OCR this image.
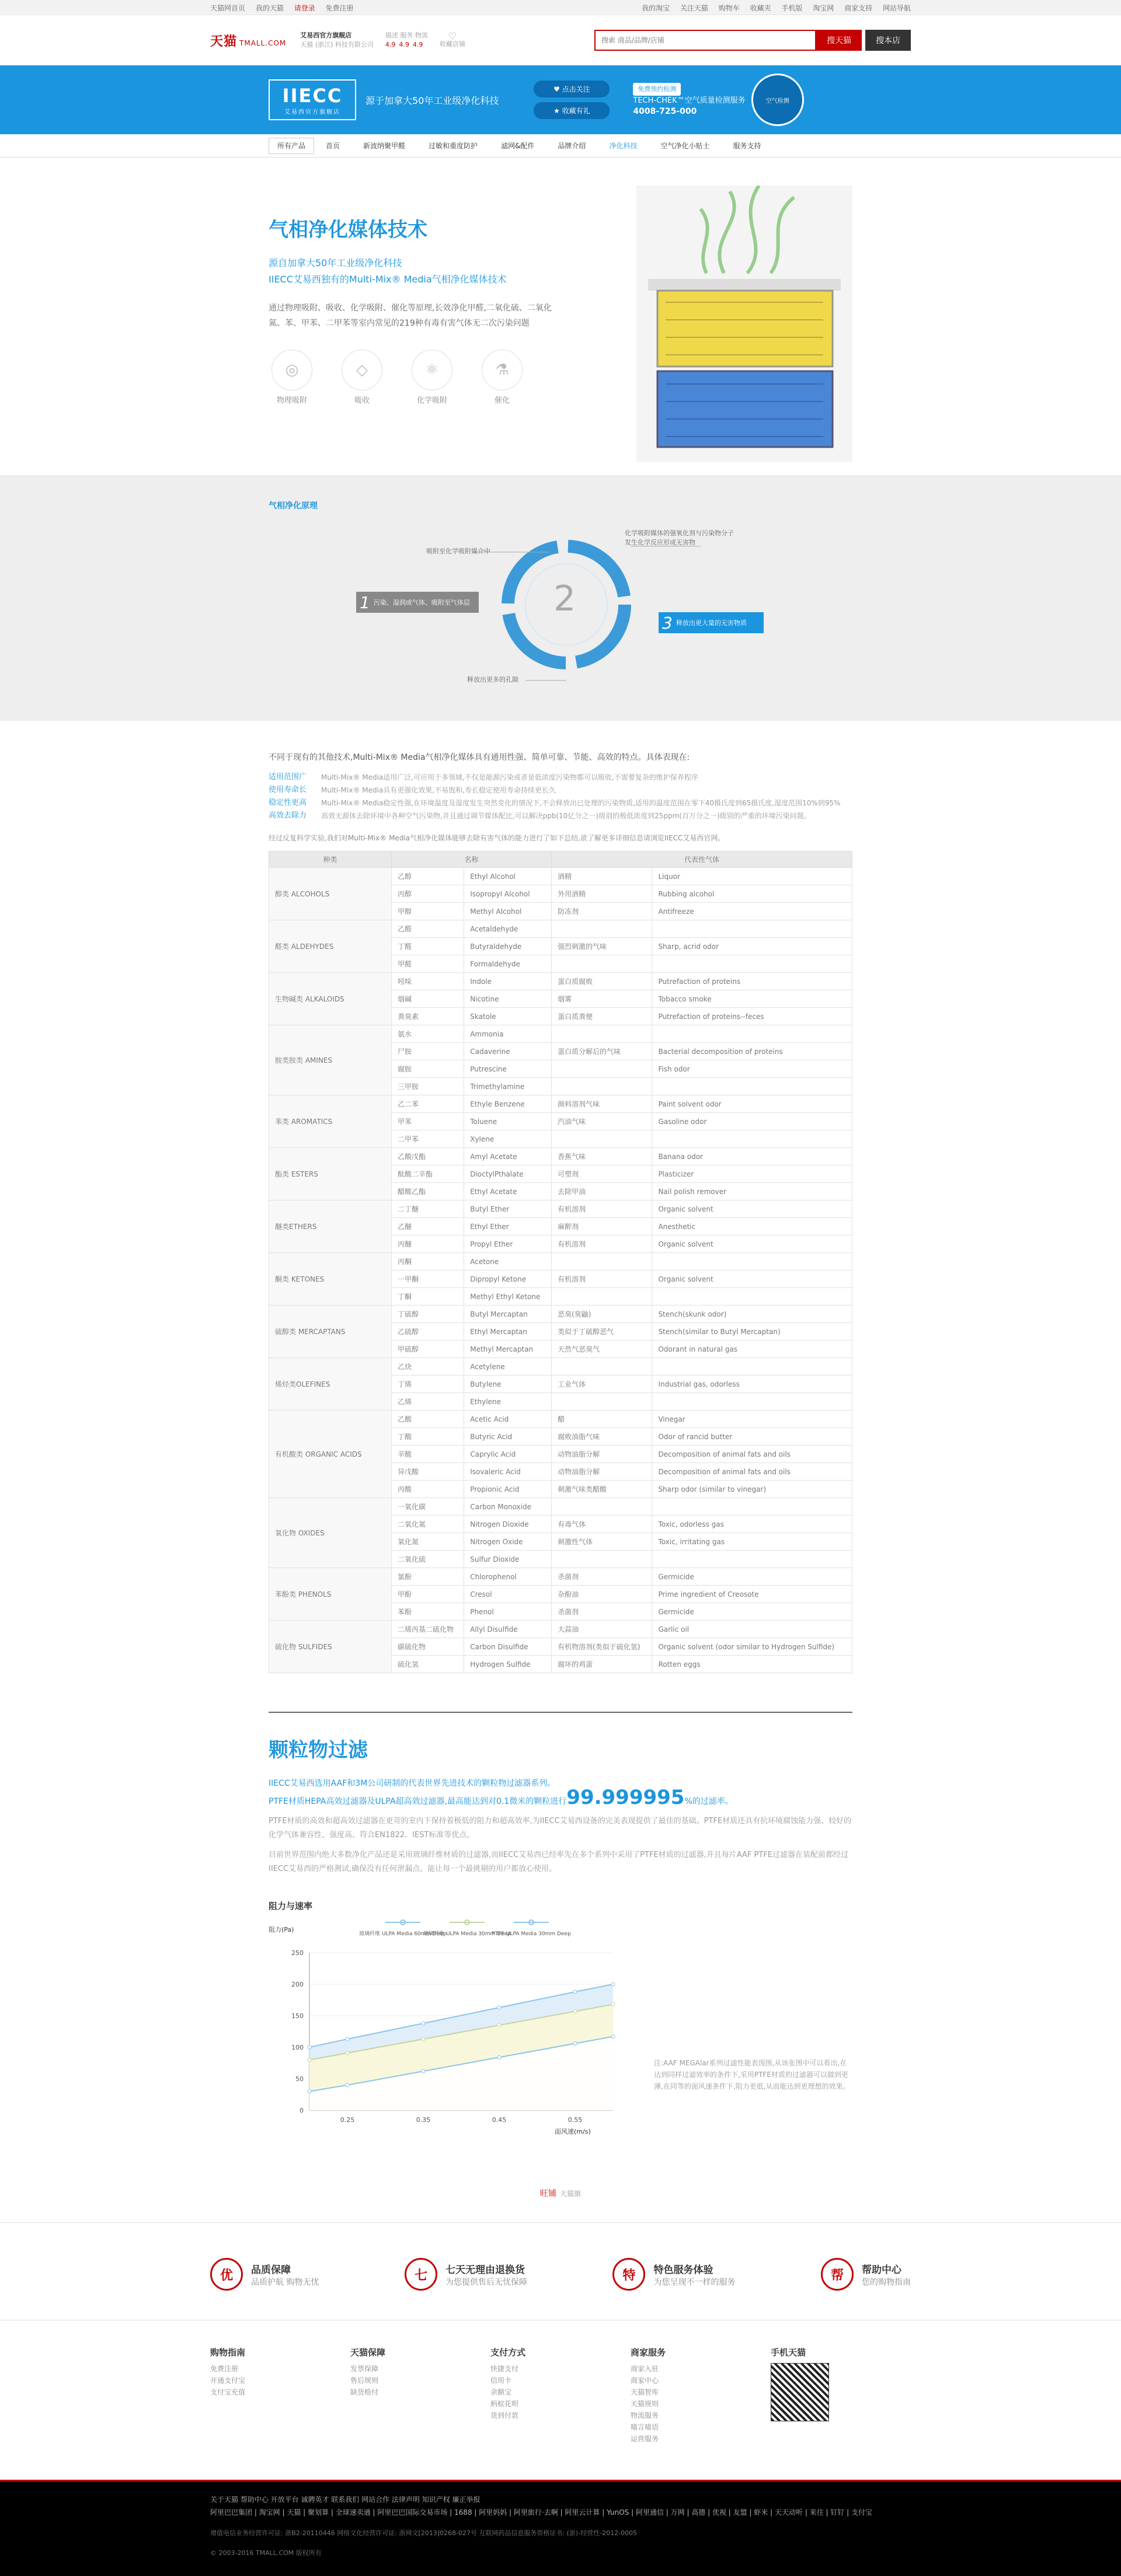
天猫网首页 我的天猫 请登录 免费注册	我的淘宝 关注天猫 购物车 收藏夹 手机版 淘宝网 商家支持 网站导航
天猫 TMALL.COM
艾易西官方旗舰店
天猫 (浙江) 科技有限公司
描述 服务 物流
4.9 4.9 4.9
♡
收藏店铺
搜索 商品/品牌/店铺	搜天猫	搜本店
IIECC
艾易西官方旗舰店
源于加拿大50年工业级净化科技
♥ 点击关注
★ 收藏有礼
免费预约检测
TECH-CHEK™空气质量检测服务
4008-725-000
空气检测
所有产品	首页	新波纳聚甲醛	过敏和重度防护	滤网&配件	品牌介绍	净化科技	空气净化小贴士	服务支持
气相净化媒体技术
源自加拿大50年工业级净化科技
IIECC艾易西独有的Multi-Mix® Media气相净化媒体技术

通过物理吸附、吸收、化学吸附、催化等原理,长效净化甲醛,二氧化硫、二氧化氮、苯、甲苯、二甲苯等室内常见的219种有毒有害气体无二次污染问题

◎
物理吸附
◇
吸收
⚛
化学吸附
⚗
催化
气相净化原理
吸附至化学吸附媒介中
化学吸附媒体的强氧化剂与污染物分子发生化学反应形成无害物
释放出更多的孔隙
2
1 污染、湿润或气体、吸附至气体层
3 释放出更大量的无害物质

不同于现有的其他技术,Multi-Mix® Media气相净化媒体具有通用性强、简单可靠、节能、高效的特点。具体表现在:

适用范围广	Multi-Mix® Media适用广泛,可应用于多领域,不仅是能源污染或者是低浓度污染物都可以吸收,不需要复杂的维护保养程序
使用寿命长	Multi-Mix® Media具有更强化效果,不易饱和,寿长稳定使用寿命持续更长久
稳定性更高	Multi-Mix® Media稳定性强,在环境温度及湿度发生突然变化的情况下,不会释放出已处理的污染物质,适用的温度范围在零下40摄氏度到65摄氏度,湿度范围10%到95%
高效去除力	高效无源体去除环境中各种空气污染物,并且通过调节媒体配比,可以解决ppb(10亿分之一)级别的极低浓度到25ppm(百万分之一)级别的严重的环境污染问题。
经过反复科学实验,我们对Multi-Mix® Media气相净化媒体能够去除有害气体的能力进行了如下总结,欲了解更多详细信息请浏览IIECC艾易西官网。
种类	名称		代表性气体	
醇类 ALCOHOLS	乙醇	Ethyl Alcohol	酒精	Liquor
	丙醇	Isopropyl Alcohol	外用酒精	Rubbing alcohol
	甲醇	Methyl Alcohol	防冻剂	Antifreeze
醛类 ALDEHYDES	乙醛	Acetaldehyde		
	丁醛	Butyraldehyde	强烈刺激的气味	Sharp, acrid odor
	甲醛	Formaldehyde		
生物碱类 ALKALOIDS	吲哚	Indole	蛋白质腐败	Putrefaction of proteins
	烟碱	Nicotine	烟雾	Tobacco smoke
	粪臭素	Skatole	蛋白质粪便	Putrefaction of proteins--feces
胺类胺类 AMINES	氨水	Ammonia		
	尸胺	Cadaverine	蛋白质分解后的气味	Bacterial decomposition of proteins
	腐胺	Putrescine		Fish odor
	三甲胺	Trimethylamine		
苯类 AROMATICS	乙二苯	Ethyle Benzene	颜料溶剂气味	Paint solvent odor
	甲苯	Toluene	汽油气味	Gasoline odor
	二甲苯	Xylene		
酯类 ESTERS	乙酸戊酯	Amyl Acetate	香蕉气味	Banana odor
	酞酸二辛酯	DioctylPthalate	可塑剂	Plasticizer
	醋酸乙酯	Ethyl Acetate	去除甲油	Nail polish remover
醚类ETHERS	二丁醚	Butyl Ether	有机溶剂	Organic solvent
	乙醚	Ethyl Ether	麻醉剂	Anesthetic
	丙醚	Propyl Ether	有机溶剂	Organic solvent
酮类 KETONES	丙酮	Acetone		
	一甲酮	Dipropyl Ketone	有机溶剂	Organic solvent
	丁酮	Methyl Ethyl Ketone		
硫醇类 MERCAPTANS	丁硫醇	Butyl Mercaptan	恶臭(臭鼬)	Stench(skunk odor)
	乙硫醇	Ethyl Mercaptan	类似于丁硫醇恶气	Stench(similar to Butyl Mercaptan)
	甲硫醇	Methyl Mercaptan	天然气恶臭气	Odorant in natural gas
烯烃类OLEFINES	乙炔	Acetylene		
	丁烯	Butylene	工业气体	Industrial gas, odorless
	乙烯	Ethylene		
有机酸类 ORGANIC ACIDS	乙酸	Acetic Acid	醋	Vinegar
	丁酸	Butyric Acid	腐败油脂气味	Odor of rancid butter
	辛酸	Caprylic Acid	动物油脂分解	Decomposition of animal fats and oils
	异戊酸	Isovaleric Acid	动物油脂分解	Decomposition of animal fats and oils
	丙酸	Propionic Acid	刺激气味类醋酸	Sharp odor (similar to vinegar)
氧化物 OXIDES	一氧化碳	Carbon Monoxide		
	二氧化氮	Nitrogen Dioxide	有毒气体	Toxic, odorless gas
	氧化氮	Nitrogen Oxide	刺激性气体	Toxic, irritating gas
	二氧化硫	Sulfur Dioxide		
苯酚类 PHENOLS	氯酚	Chlorophenol	杀菌剂	Germicide
	甲酚	Cresol	杂酚油	Prime ingredient of Creosote
	苯酚	Phenol	杀菌剂	Germicide
硫化物 SULFIDES	二烯丙基二硫化物	Allyl Disulfide	大蒜油	Garlic oil
	碳硫化物	Carbon Disulfide	有机物溶剂(类似于硫化氢)	Organic solvent (odor similar to Hydrogen Sulfide)
	硫化氢	Hydrogen Sulfide	腐坏的鸡蛋	Rotten eggs
颗粒物过滤
IIECC艾易西选用AAF和3M公司研制的代表世界先进技术的颗粒物过滤器系列。
PTFE材质HEPA高效过滤器及ULPA超高效过滤器,最高能达到对0.1微米的颗粒进行99.999995%的过滤率。

PTFE材质的高效和超高效过滤器在更苛的室内下保持着极低的阻力和超高效率,为IIECC艾易西设备的完美表现提供了最佳的基础。PTFE材质还具有抗环境腐蚀能力强、较好的化学气体兼容性、强度高、符合EN1822、IEST标准等优点。

目前世界范围内绝大多数净化产品还是采用玻璃纤维材质的过滤器,而IIECC艾易西已经率先在多个系列中采用了PTFE材质的过滤器,并且每片AAF PTFE过滤器在装配前都经过IIECC艾易西的严格测试,确保没有任何泄漏点。能让每一个最挑剔的用户都放心使用。

阻力与速率
0
50
100
150
200
250
0.25	0.35	0.45	0.55
阻力(Pa)
面风速(m/s)
玻璃纤维 ULPA Media 60mm Deep
玻璃纤维 ULPA Media 30mm Deep
PTFE ULPA Media 30mm Deep
注:AAF MEGAlar系列过滤性能表现图,从该张图中可以看出,在达到同样过滤效率的条件下,采用PTFE材质的过滤器可以做到更薄,在同等的面风速条件下,阻力更低,从而能达到更理想的效果。
旺铺 天猫旗
优	品质保障
品质护航 购物无忧	七	七天无理由退换货
为您提供售后无忧保障	特	特色服务体验
为您呈现不一样的服务	帮	帮助中心
您的购物指南
购物指南
免费注册
开通支付宝
支付宝充值
天猫保障
发票保障
售后规则
缺货赔付
支付方式
快捷支付
信用卡
余额宝
蚂蚁花呗
货到付款
商家服务
商家入驻
商家中心
天猫智库
天猫规则
物流服务
喵言喵语
运营服务
手机天猫
关于天猫 帮助中心 开放平台 诚聘英才 联系我们 网站合作 法律声明 知识产权 廉正举报
阿里巴巴集团 | 淘宝网 | 天猫 | 聚划算 | 全球速卖通 | 阿里巴巴国际交易市场 | 1688 | 阿里妈妈 | 阿里旅行·去啊 | 阿里云计算 | YunOS | 阿里通信 | 万网 | 高德 | 优视 | 友盟 | 虾米 | 天天动听 | 来往 | 钉钉 | 支付宝
增值电信业务经营许可证: 浙B2-20110446 网络文化经营许可证: 浙网文[2013]0268-027号 互联网药品信息服务资格证书: (浙)-经营性-2012-0005
© 2003-2016 TMALL.COM 版权所有
